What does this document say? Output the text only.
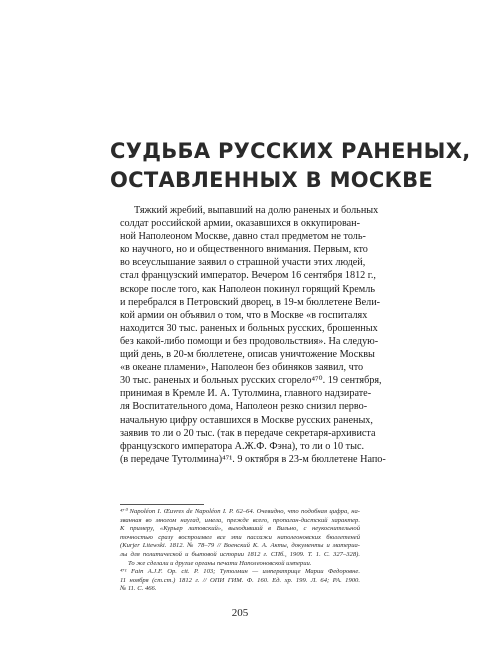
СУДЬБА РУССКИХ РАНЕНЫХ,
ОСТАВЛЕННЫХ В МОСКВЕ
Тяжкий жребий, выпавший на долю раненых и больных
солдат российской армии, оказавшихся в оккупирован-
ной Наполеоном Москве, давно стал предметом не толь-
ко научного, но и общественного внимания. Первым, кто
во всеуслышание заявил о страшной участи этих людей,
стал французский император. Вечером 16 сентября 1812 г.,
вскоре после того, как Наполеон покинул горящий Кремль
и перебрался в Петровский дворец, в 19-м бюллетене Вели-
кой армии он объявил о том, что в Москве «в госпиталях
находится 30 тыс. раненых и больных русских, брошенных
без какой-либо помощи и без продовольствия». На следую-
щий день, в 20-м бюллетене, описав уничтожение Москвы
«в океане пламени», Наполеон без обиняков заявил, что
30 тыс. раненых и больных русских сгорело⁴⁷⁰. 19 сентября,
принимая в Кремле И. А. Тутолмина, главного надзирате-
ля Воспитательного дома, Наполеон резко снизил перво-
начальную цифру оставшихся в Москве русских раненых,
заявив то ли о 20 тыс. (так в передаче секретаря-архивиста
французского императора А.Ж.Ф. Фэна), то ли о 10 тыс.
(в передаче Тутолмина)⁴⁷¹. 9 октября в 23-м бюллетене Напо-
⁴⁷⁰ Napoléon I. Œuvres de Napoléon I. P. 62–64. Очевидно, что подобная цифра, на-
званная во многом наугад, имела, прежде всего, пропаган-дистский характер.
К примеру, «Курьер литовский», выходивший в Вильно, с неукоснительной
точностью сразу воспроизвел все эти пассажи наполеоновских бюллетеней
(Kurjer Litewski. 1812. № 78–79 // Военский К. А. Акты, документы и материа-
лы для политической и бытовой истории 1812 г. СПб., 1909. Т. 1. С. 327–328).
То же сделали и другие органы печати Наполеоновской империи.
⁴⁷¹ Fain A.J.F. Op. cit. P. 103; Тутолмин — императрице Марии Федоровне.
11 ноября (ст.ст.) 1812 г. // ОПИ ГИМ. Ф. 160. Ед. хр. 199. Л. 64; РА. 1900.
№ 11. С. 466.
205
